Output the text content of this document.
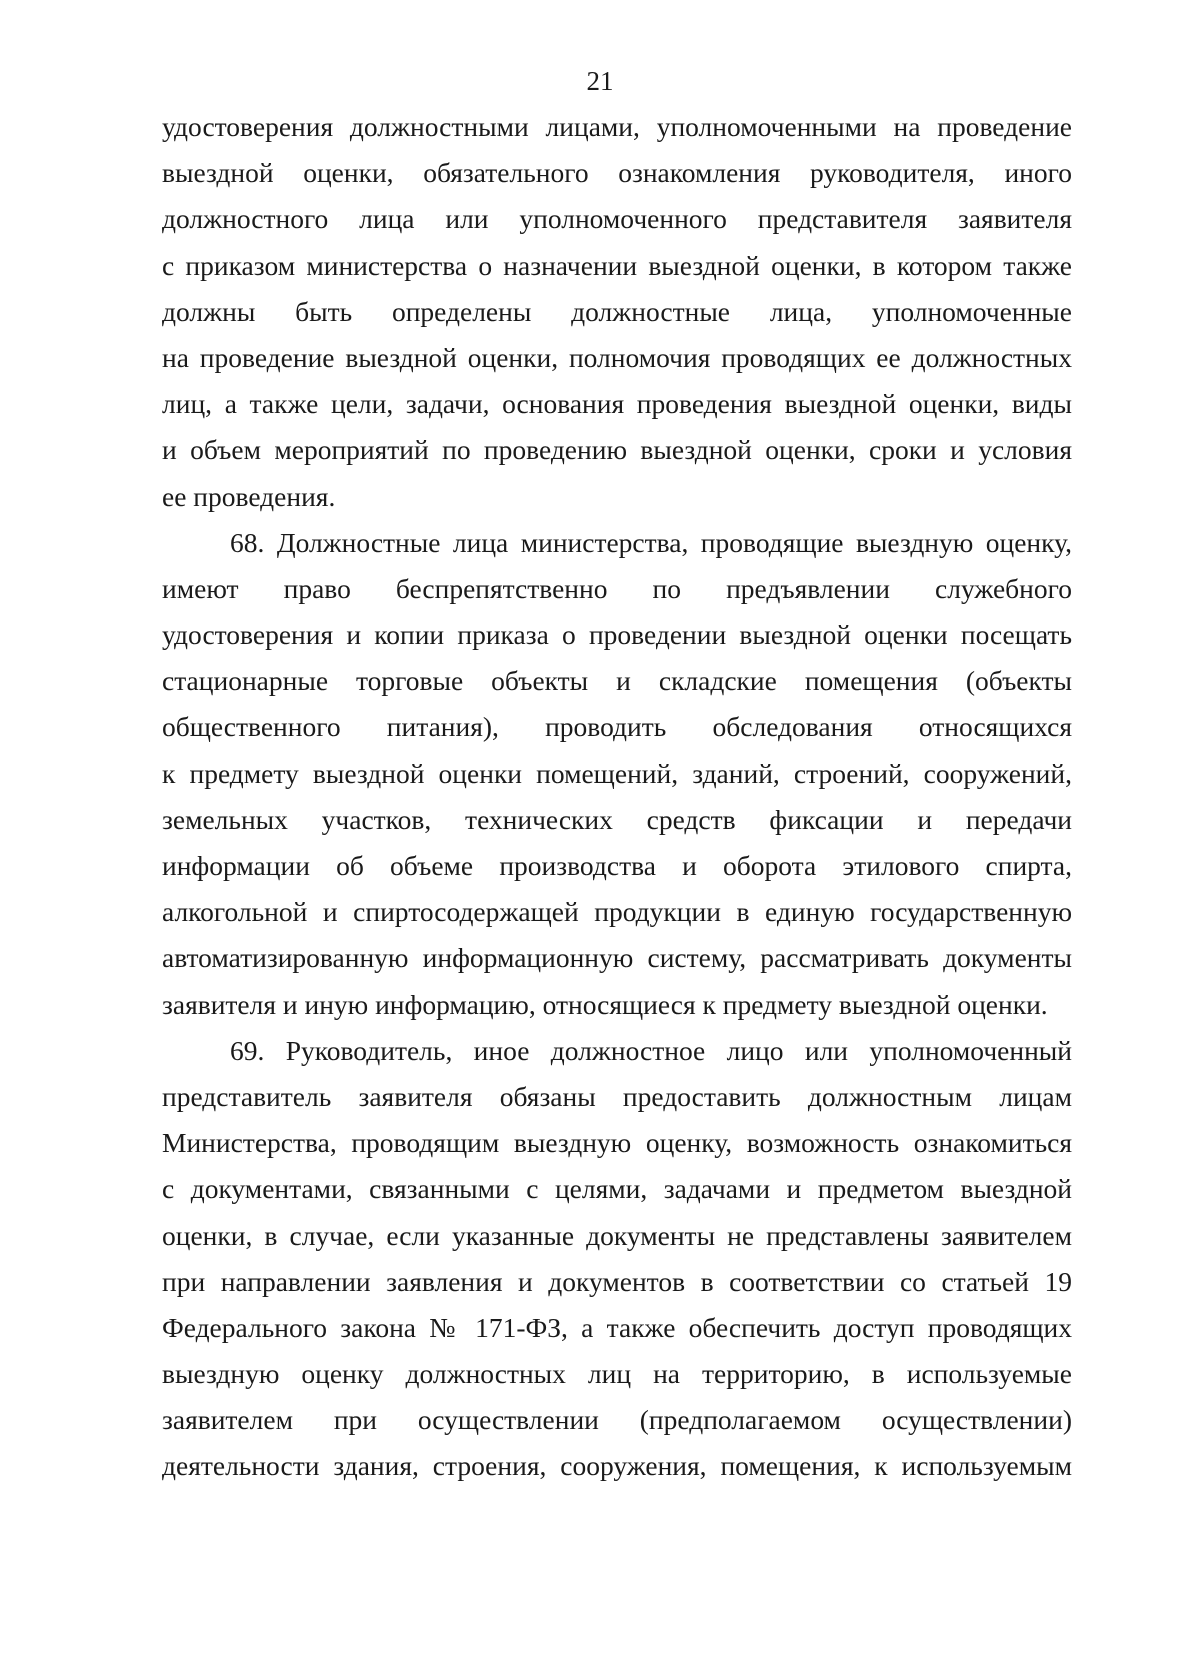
21
удостоверения должностными лицами, уполномоченными на проведение
выездной оценки, обязательного ознакомления руководителя, иного
должностного лица или уполномоченного представителя заявителя
с приказом министерства о назначении выездной оценки, в котором также
должны быть определены должностные лица, уполномоченные
на проведение выездной оценки, полномочия проводящих ее должностных
лиц, а также цели, задачи, основания проведения выездной оценки, виды
и объем мероприятий по проведению выездной оценки, сроки и условия
ее проведения.
68. Должностные лица министерства, проводящие выездную оценку,
имеют право беспрепятственно по предъявлении служебного
удостоверения и копии приказа о проведении выездной оценки посещать
стационарные торговые объекты и складские помещения (объекты
общественного питания), проводить обследования относящихся
к предмету выездной оценки помещений, зданий, строений, сооружений,
земельных участков, технических средств фиксации и передачи
информации об объеме производства и оборота этилового спирта,
алкогольной и спиртосодержащей продукции в единую государственную
автоматизированную информационную систему, рассматривать документы
заявителя и иную информацию, относящиеся к предмету выездной оценки.
69. Руководитель, иное должностное лицо или уполномоченный
представитель заявителя обязаны предоставить должностным лицам
Министерства, проводящим выездную оценку, возможность ознакомиться
с документами, связанными с целями, задачами и предметом выездной
оценки, в случае, если указанные документы не представлены заявителем
при направлении заявления и документов в соответствии со статьей 19
Федерального закона № 171-ФЗ, а также обеспечить доступ проводящих
выездную оценку должностных лиц на территорию, в используемые
заявителем при осуществлении (предполагаемом осуществлении)
деятельности здания, строения, сооружения, помещения, к используемым
